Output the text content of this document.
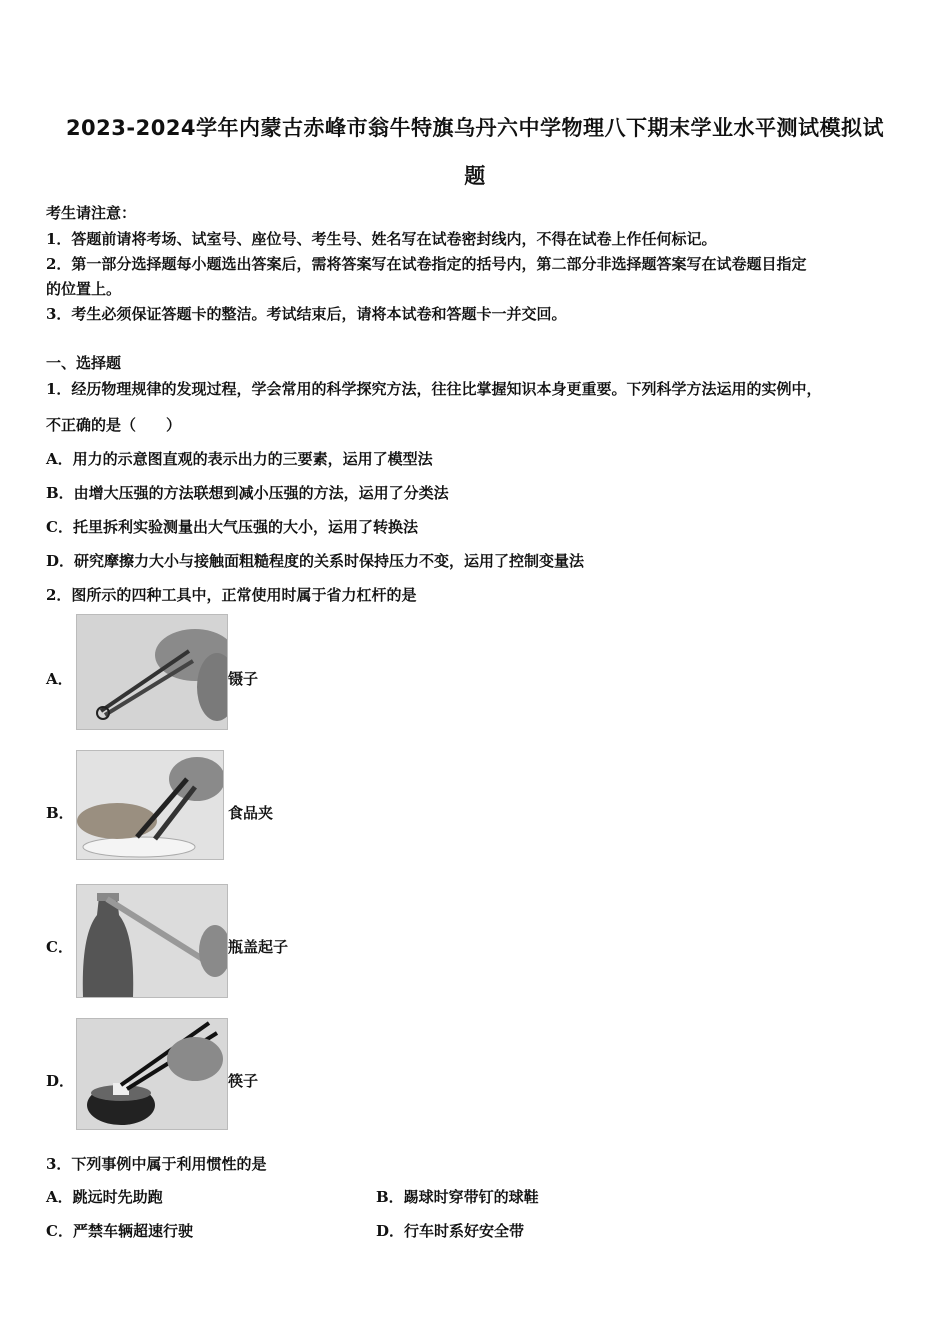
2023-2024学年内蒙古赤峰市翁牛特旗乌丹六中学物理八下期末学业水平测试模拟试
题
考生请注意：
1．答题前请将考场、试室号、座位号、考生号、姓名写在试卷密封线内，不得在试卷上作任何标记。
2．第一部分选择题每小题选出答案后，需将答案写在试卷指定的括号内，第二部分非选择题答案写在试卷题目指定
的位置上。
3．考生必须保证答题卡的整洁。考试结束后，请将本试卷和答题卡一并交回。
一、选择题
1．经历物理规律的发现过程，学会常用的科学探究方法，往往比掌握知识本身更重要。下列科学方法运用的实例中，
不正确的是（　　）
A．用力的示意图直观的表示出力的三要素，运用了模型法
B．由增大压强的方法联想到减小压强的方法，运用了分类法
C．托里拆利实验测量出大气压强的大小，运用了转换法
D．研究摩擦力大小与接触面粗糙程度的关系时保持压力不变，运用了控制变量法
2．图所示的四种工具中，正常使用时属于省力杠杆的是
A．	镊子
B．	食品夹
C．	瓶盖起子
D．	筷子
3．下列事例中属于利用惯性的是
A．跳远时先助跑	B．踢球时穿带钉的球鞋
C．严禁车辆超速行驶	D．行车时系好安全带
